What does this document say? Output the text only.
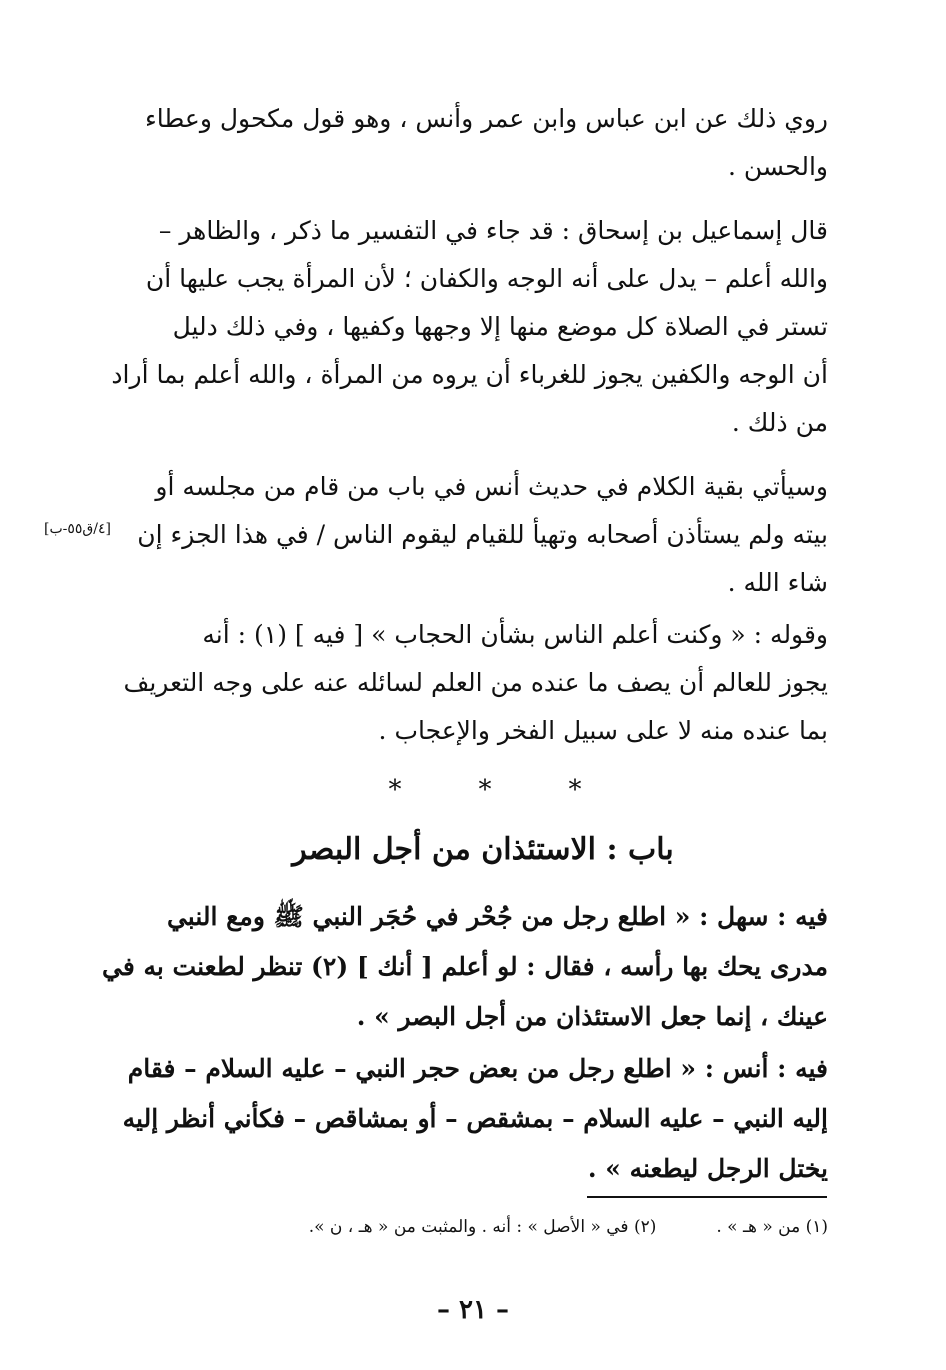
روي ذلك عن ابن عباس وابن عمر وأنس ، وهو قول مكحول وعطاء
والحسن .

قال إسماعيل بن إسحاق : قد جاء في التفسير ما ذكر ، والظاهر –
والله أعلم – يدل على أنه الوجه والكفان ؛ لأن المرأة يجب عليها أن
تستر في الصلاة كل موضع منها إلا وجهها وكفيها ، وفي ذلك دليل
أن الوجه والكفين يجوز للغرباء أن يروه من المرأة ، والله أعلم بما أراد
من ذلك .

وسيأتي بقية الكلام في حديث أنس في باب من قام من مجلسه أو
بيته ولم يستأذن أصحابه وتهيأ للقيام ليقوم الناس / في هذا الجزء إن
شاء الله .

[٤/ق٥٥-ب]

وقوله : « وكنت أعلم الناس بشأن الحجاب » [ فيه ] (١) : أنه
يجوز للعالم أن يصف ما عنده من العلم لسائله عنه على وجه التعريف
بما عنده منه لا على سبيل الفخر والإعجاب .

*	*	*
باب : الاستئذان من أجل البصر

فيه : سهل : « اطلع رجل من جُحْر في حُجَر النبي ﷺ ومع النبي
مدرى يحك بها رأسه ، فقال : لو أعلم [ أنك ] (٢) تنظر لطعنت به في
عينك ، إنما جعل الاستئذان من أجل البصر » .

فيه : أنس : « اطلع رجل من بعض حجر النبي – عليه السلام – فقام
إليه النبي – عليه السلام – بمشقص – أو بمشاقص – فكأني أنظر إليه
يختل الرجل ليطعنه » .

(١) من « هـ » .
(٢) في « الأصل » : أنه . والمثبت من « هـ ، ن ».
– ٢١ –
